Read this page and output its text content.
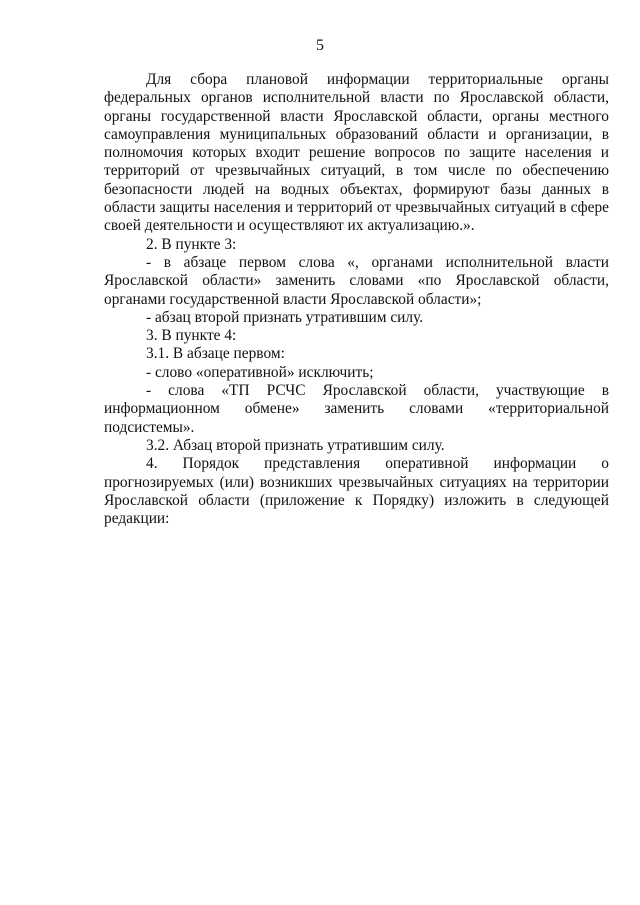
5

Для сбора плановой информации территориальные органы федеральных органов исполнительной власти по Ярославской области, органы государственной власти Ярославской области, органы местного самоуправления муниципальных образований области и организации, в полномочия которых входит решение вопросов по защите населения и территорий от чрезвычайных ситуаций, в том числе по обеспечению безопасности людей на водных объектах, формируют базы данных в области защиты населения и территорий от чрезвычайных ситуаций в сфере своей деятельности и осуществляют их актуализацию.».

2. В пункте 3:

- в абзаце первом слова «, органами исполнительной власти Ярославской области» заменить словами «по Ярославской области, органами государственной власти Ярославской области»;

- абзац второй признать утратившим силу.

3. В пункте 4:

3.1. В абзаце первом:

- слово «оперативной» исключить;

- слова «ТП РСЧС Ярославской области, участвующие в информационном обмене» заменить словами «территориальной подсистемы».

3.2. Абзац второй признать утратившим силу.

4. Порядок представления оперативной информации о прогнозируемых (или) возникших чрезвычайных ситуациях на территории Ярославской области (приложение к Порядку) изложить в следующей редакции:
